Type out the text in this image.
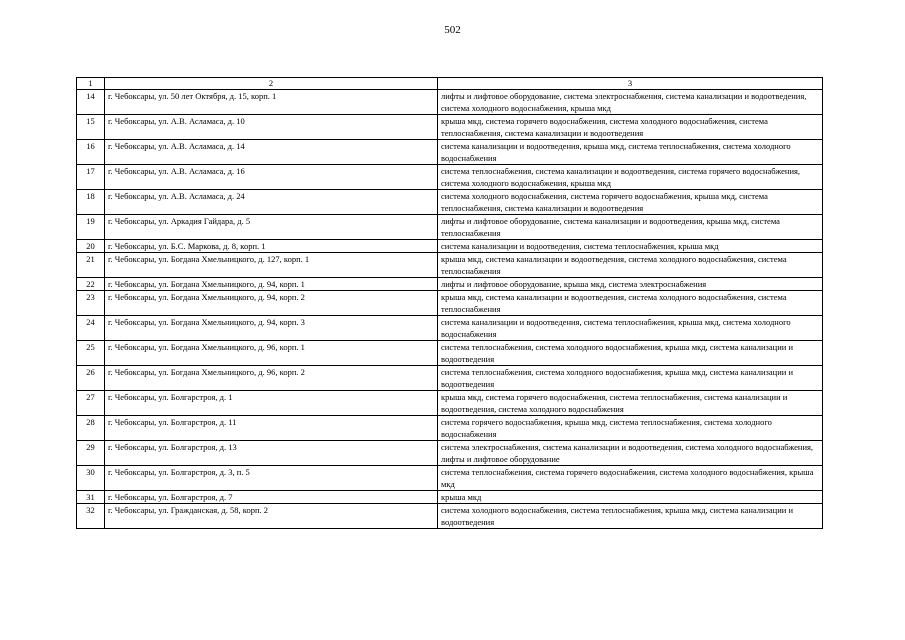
502
1	2	3
14	г. Чебоксары, ул. 50 лет Октября, д. 15, корп. 1	лифты и лифтовое оборудование, система электроснабжения, система канализации и водоотведения, система холодного водоснабжения, крыша мкд
15	г. Чебоксары, ул. А.В. Асламаса, д. 10	крыша мкд, система горячего водоснабжения, система холодного водоснабжения, система теплоснабжения, система канализации и водоотведения
16	г. Чебоксары, ул. А.В. Асламаса, д. 14	система канализации и водоотведения, крыша мкд, система теплоснабжения, система холодного водоснабжения
17	г. Чебоксары, ул. А.В. Асламаса, д. 16	система теплоснабжения, система канализации и водоотведения, система горячего водоснабжения, система холодного водоснабжения, крыша мкд
18	г. Чебоксары, ул. А.В. Асламаса, д. 24	система холодного водоснабжения, система горячего водоснабжения, крыша мкд, система теплоснабжения, система канализации и водоотведения
19	г. Чебоксары, ул. Аркадия Гайдара, д. 5	лифты и лифтовое оборудование, система канализации и водоотведения, крыша мкд, система теплоснабжения
20	г. Чебоксары, ул. Б.С. Маркова, д. 8, корп. 1	система канализации и водоотведения, система теплоснабжения, крыша мкд
21	г. Чебоксары, ул. Богдана Хмельницкого, д. 127, корп. 1	крыша мкд, система канализации и водоотведения, система холодного водоснабжения, система теплоснабжения
22	г. Чебоксары, ул. Богдана Хмельницкого, д. 94, корп. 1	лифты и лифтовое оборудование, крыша мкд, система электроснабжения
23	г. Чебоксары, ул. Богдана Хмельницкого, д. 94, корп. 2	крыша мкд, система канализации и водоотведения, система холодного водоснабжения, система теплоснабжения
24	г. Чебоксары, ул. Богдана Хмельницкого, д. 94, корп. 3	система канализации и водоотведения, система теплоснабжения, крыша мкд, система холодного водоснабжения
25	г. Чебоксары, ул. Богдана Хмельницкого, д. 96, корп. 1	система теплоснабжения, система холодного водоснабжения, крыша мкд, система канализации и водоотведения
26	г. Чебоксары, ул. Богдана Хмельницкого, д. 96, корп. 2	система теплоснабжения, система холодного водоснабжения, крыша мкд, система канализации и водоотведения
27	г. Чебоксары, ул. Болгарстроя, д. 1	крыша мкд, система горячего водоснабжения, система теплоснабжения, система канализации и водоотведения, система холодного водоснабжения
28	г. Чебоксары, ул. Болгарстроя, д. 11	система горячего водоснабжения, крыша мкд, система теплоснабжения, система холодного водоснабжения
29	г. Чебоксары, ул. Болгарстроя, д. 13	система электроснабжения, система канализации и водоотведения, система холодного водоснабжения, лифты и лифтовое оборудование
30	г. Чебоксары, ул. Болгарстроя, д. 3, п. 5	система теплоснабжения, система горячего водоснабжения, система холодного водоснабжения, крыша мкд
31	г. Чебоксары, ул. Болгарстроя, д. 7	крыша мкд
32	г. Чебоксары, ул. Гражданская, д. 58, корп. 2	система холодного водоснабжения, система теплоснабжения, крыша мкд, система канализации и водоотведения
